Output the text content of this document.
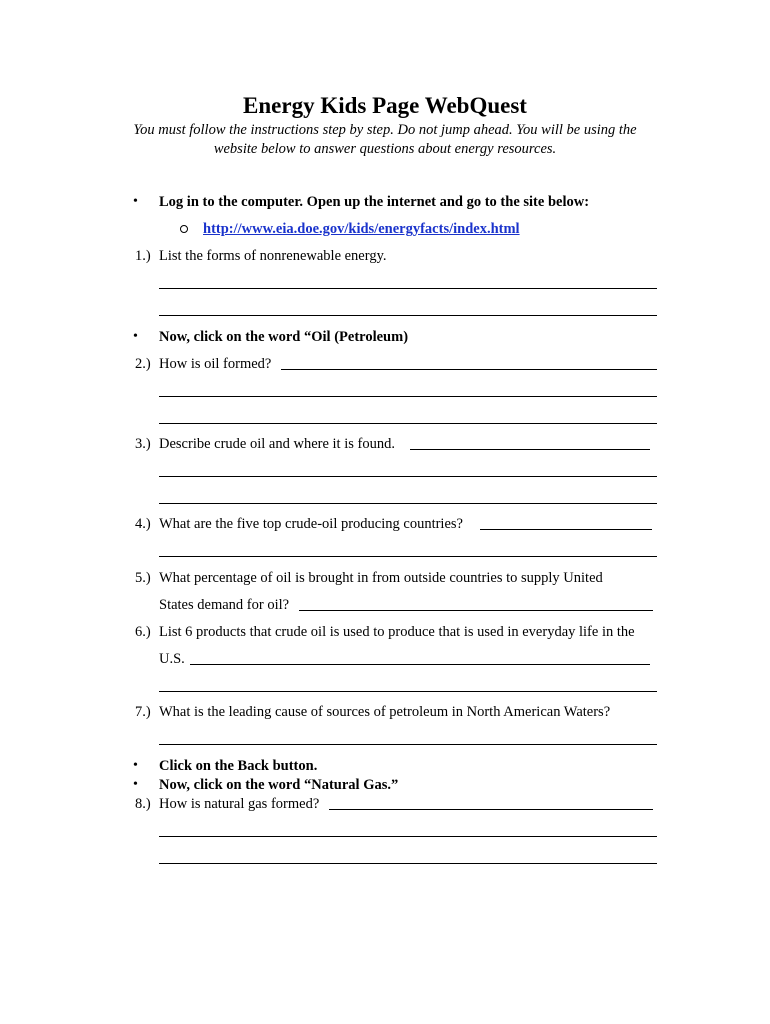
Energy Kids Page WebQuest
You must follow the instructions step by step. Do not jump ahead. You will be using the
website below to answer questions about energy resources.
• Log in to the computer. Open up the internet and go to the site below:
http://www.eia.doe.gov/kids/energyfacts/index.html
1.) List the forms of nonrenewable energy.
• Now, click on the word “Oil (Petroleum)
2.) How is oil formed?
3.) Describe crude oil and where it is found.
4.) What are the five top crude-oil producing countries?
5.) What percentage of oil is brought in from outside countries to supply United
States demand for oil?
6.) List 6 products that crude oil is used to produce that is used in everyday life in the
U.S.
7.) What is the leading cause of sources of petroleum in North American Waters?
• Click on the Back button.
• Now, click on the word “Natural Gas.”
8.) How is natural gas formed?
